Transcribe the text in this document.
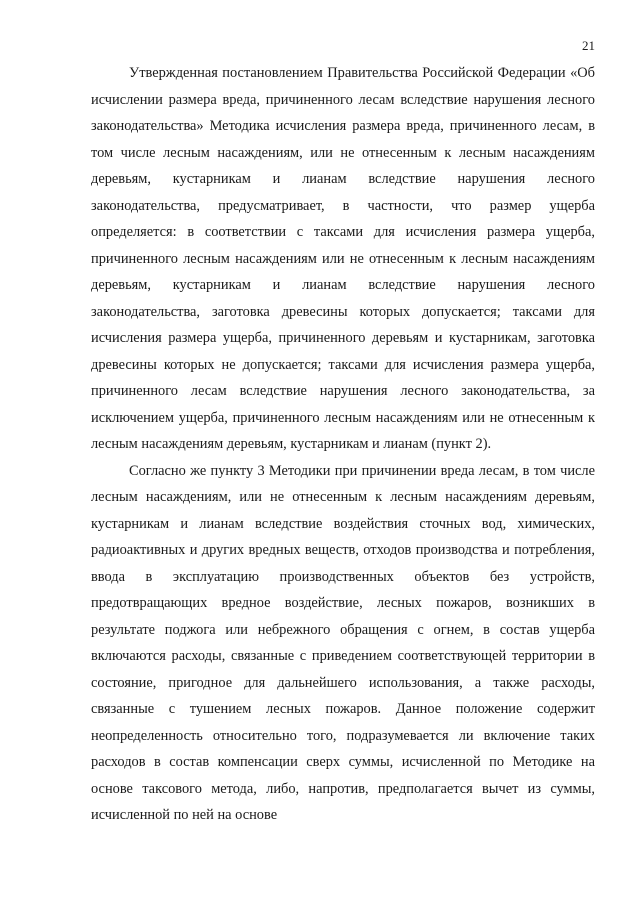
21

Утвержденная постановлением Правительства Российской Федерации «Об исчислении размера вреда, причиненного лесам вследствие нарушения лесного законодательства» Методика исчисления размера вреда, причиненного лесам, в том числе лесным насаждениям, или не отнесенным к лесным насаждениям деревьям, кустарникам и лианам вследствие нарушения лесного законодательства, предусматривает, в частности, что размер ущерба определяется: в соответствии с таксами для исчисления размера ущерба, причиненного лесным насаждениям или не отнесенным к лесным насаждениям деревьям, кустарникам и лианам вследствие нарушения лесного законодательства, заготовка древесины которых допускается; таксами для исчисления размера ущерба, причиненного деревьям и кустарникам, заготовка древесины которых не допускается; таксами для исчисления размера ущерба, причиненного лесам вследствие нарушения лесного законодательства, за исключением ущерба, причиненного лесным насаждениям или не отнесенным к лесным насаждениям деревьям, кустарникам и лианам (пункт 2).

Согласно же пункту 3 Методики при причинении вреда лесам, в том числе лесным насаждениям, или не отнесенным к лесным насаждениям деревьям, кустарникам и лианам вследствие воздействия сточных вод, химических, радиоактивных и других вредных веществ, отходов производства и потребления, ввода в эксплуатацию производственных объектов без устройств, предотвращающих вредное воздействие, лесных пожаров, возникших в результате поджога или небрежного обращения с огнем, в состав ущерба включаются расходы, связанные с приведением соответствующей территории в состояние, пригодное для дальнейшего использования, а также расходы, связанные с тушением лесных пожаров. Данное положение содержит неопределенность относительно того, подразумевается ли включение таких расходов в состав компенсации сверх суммы, исчисленной по Методике на основе таксового метода, либо, напротив, предполагается вычет из суммы, исчисленной по ней на основе
